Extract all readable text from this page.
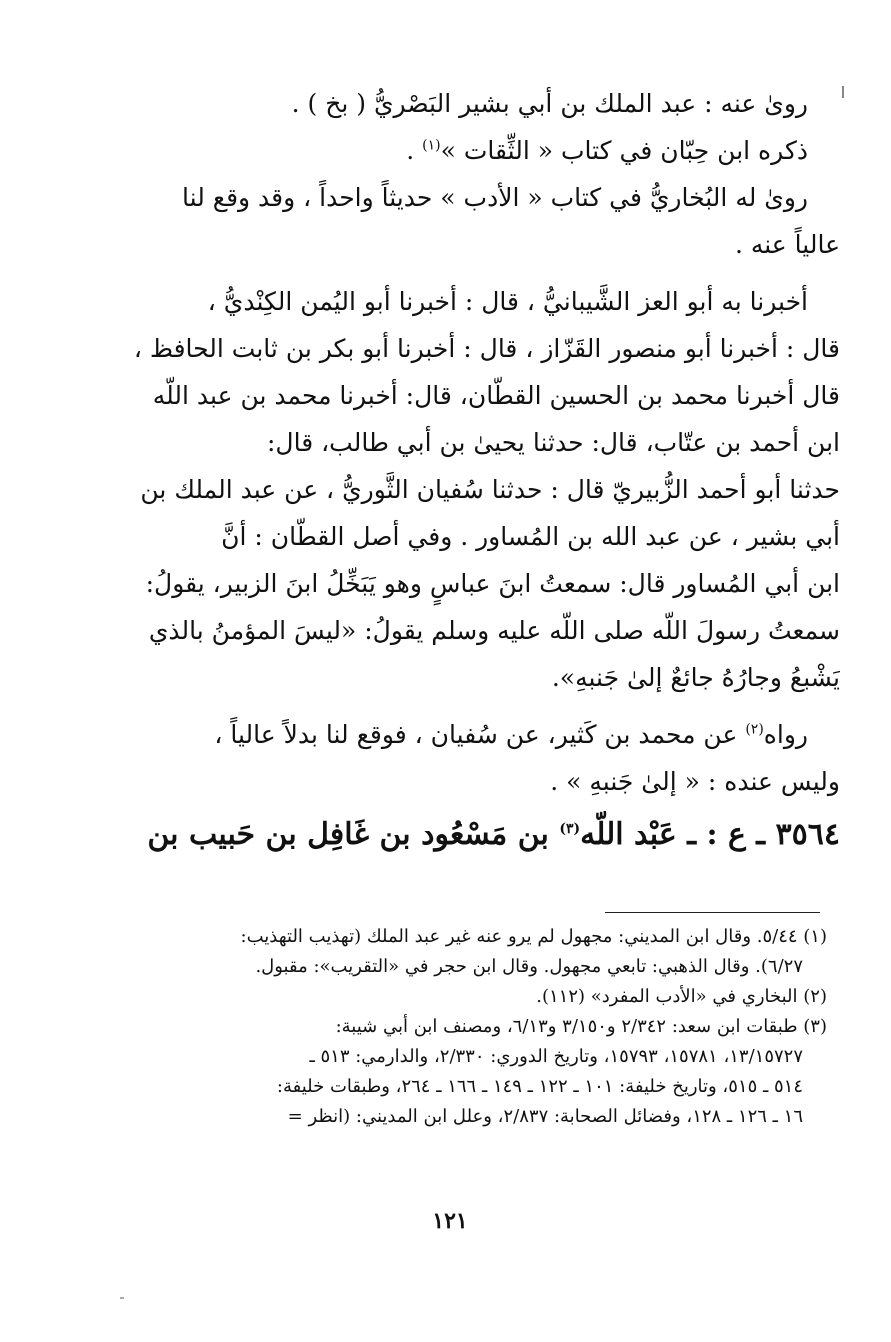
روىٰ عنه : عبد الملك بن أبي بشير البَصْريُّ ( بخ ) .
ذكره ابن حِبّان في كتاب « الثِّقات »$^{(١)}$ .
روىٰ له البُخاريُّ في كتاب « الأدب » حديثاً واحداً ، وقد وقع لنا
عالياً عنه .
أخبرنا به أبو العز الشَّيبانيُّ ، قال : أخبرنا أبو اليُمن الكِنْديُّ ،
قال : أخبرنا أبو منصور القَزّاز ، قال : أخبرنا أبو بكر بن ثابت الحافظ ،
قال أخبرنا محمد بن الحسين القطّان، قال: أخبرنا محمد بن عبد اللّه
ابن أحمد بن عتّاب، قال: حدثنا يحيىٰ بن أبي طالب، قال:
حدثنا أبو أحمد الزُّبيريّ قال : حدثنا سُفيان الثَّوريُّ ، عن عبد الملك بن
أبي بشير ، عن عبد الله بن المُساور . وفي أصل القطّان : أنَّ
ابن أبي المُساور قال: سمعتُ ابنَ عباسٍ وهو يَبَخِّلُ ابنَ الزبير، يقولُ:
سمعتُ رسولَ اللّه صلى اللّه عليه وسلم يقولُ: «ليسَ المؤمنُ بالذي
يَشْبعُ وجارُهُ جائعٌ إلىٰ جَنبهِ».
رواه$^{(٢)}$ عن محمد بن كَثير، عن سُفيان ، فوقع لنا بدلاً عالياً ،
وليس عنده : « إلىٰ جَنبهِ » .
٣٥٦٤ ـ ع : ـ عَبْد اللّه$^{(٣)}$ بن مَسْعُود بن غَافِل بن حَبيب بن
(١) ٥/٤٤. وقال ابن المديني: مجهول لم يرو عنه غير عبد الملك (تهذيب التهذيب:
٦/٢٧). وقال الذهبي: تابعي مجهول. وقال ابن حجر في «التقريب»: مقبول.
(٢) البخاري في «الأدب المفرد» (١١٢).
(٣) طبقات ابن سعد: ٢/٣٤٢ و٣/١٥٠ و٦/١٣، ومصنف ابن أبي شيبة:
١٣/١٥٧٢٧، ١٥٧٨١، ١٥٧٩٣، وتاريخ الدوري: ٢/٣٣٠، والدارمي: ٥١٣ ـ
٥١٤ ـ ٥١٥، وتاريخ خليفة: ١٠١ ـ ١٢٢ ـ ١٤٩ ـ ١٦٦ ـ ٢٦٤، وطبقات خليفة:
١٦ ـ ١٢٦ ـ ١٢٨، وفضائل الصحابة: ٢/٨٣٧، وعلل ابن المديني: (انظر =
١٢١
